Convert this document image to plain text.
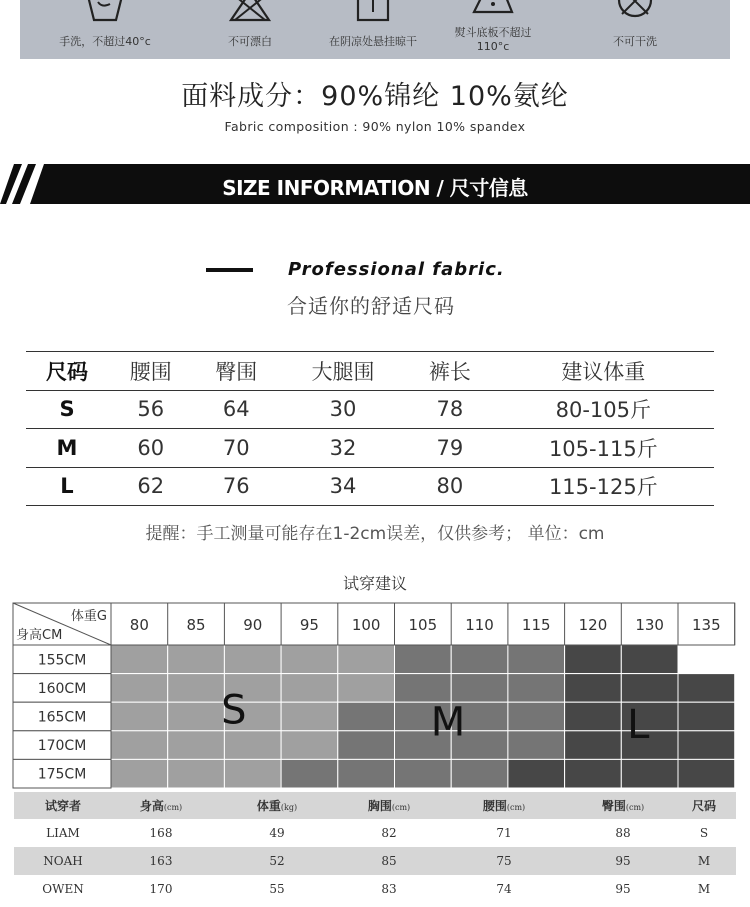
手洗，不超过40°c	不可漂白	在阴凉处悬挂晾干
熨斗底板不超过
110°c	不可干洗
面料成分：90%锦纶 10%氨纶
Fabric composition : 90% nylon 10% spandex
SIZE INFORMATION / 尺寸信息
Professional fabric.
合适你的舒适尺码
尺码	腰围	臀围	大腿围	裤长	建议体重
S	56	64	30	78	80-105斤
M	60	70	32	79	105-115斤
L	62	76	34	80	115-125斤
提醒：手工测量可能存在1-2cm误差，仅供参考； 单位：cm
试穿建议
体重G
身高CM
80	85	90	95 100 105 110 115 120 130 135
155CM
160CM
165CM
170CM
175CM
S	M	L
试穿者	身高(cm)	体重(kg)	胸围(cm)	腰围(cm)	臀围(cm)	尺码
LIAM	168	49	82	71	88	S
NOAH	163	52	85	75	95	M
OWEN	170	55	83	74	95	M
